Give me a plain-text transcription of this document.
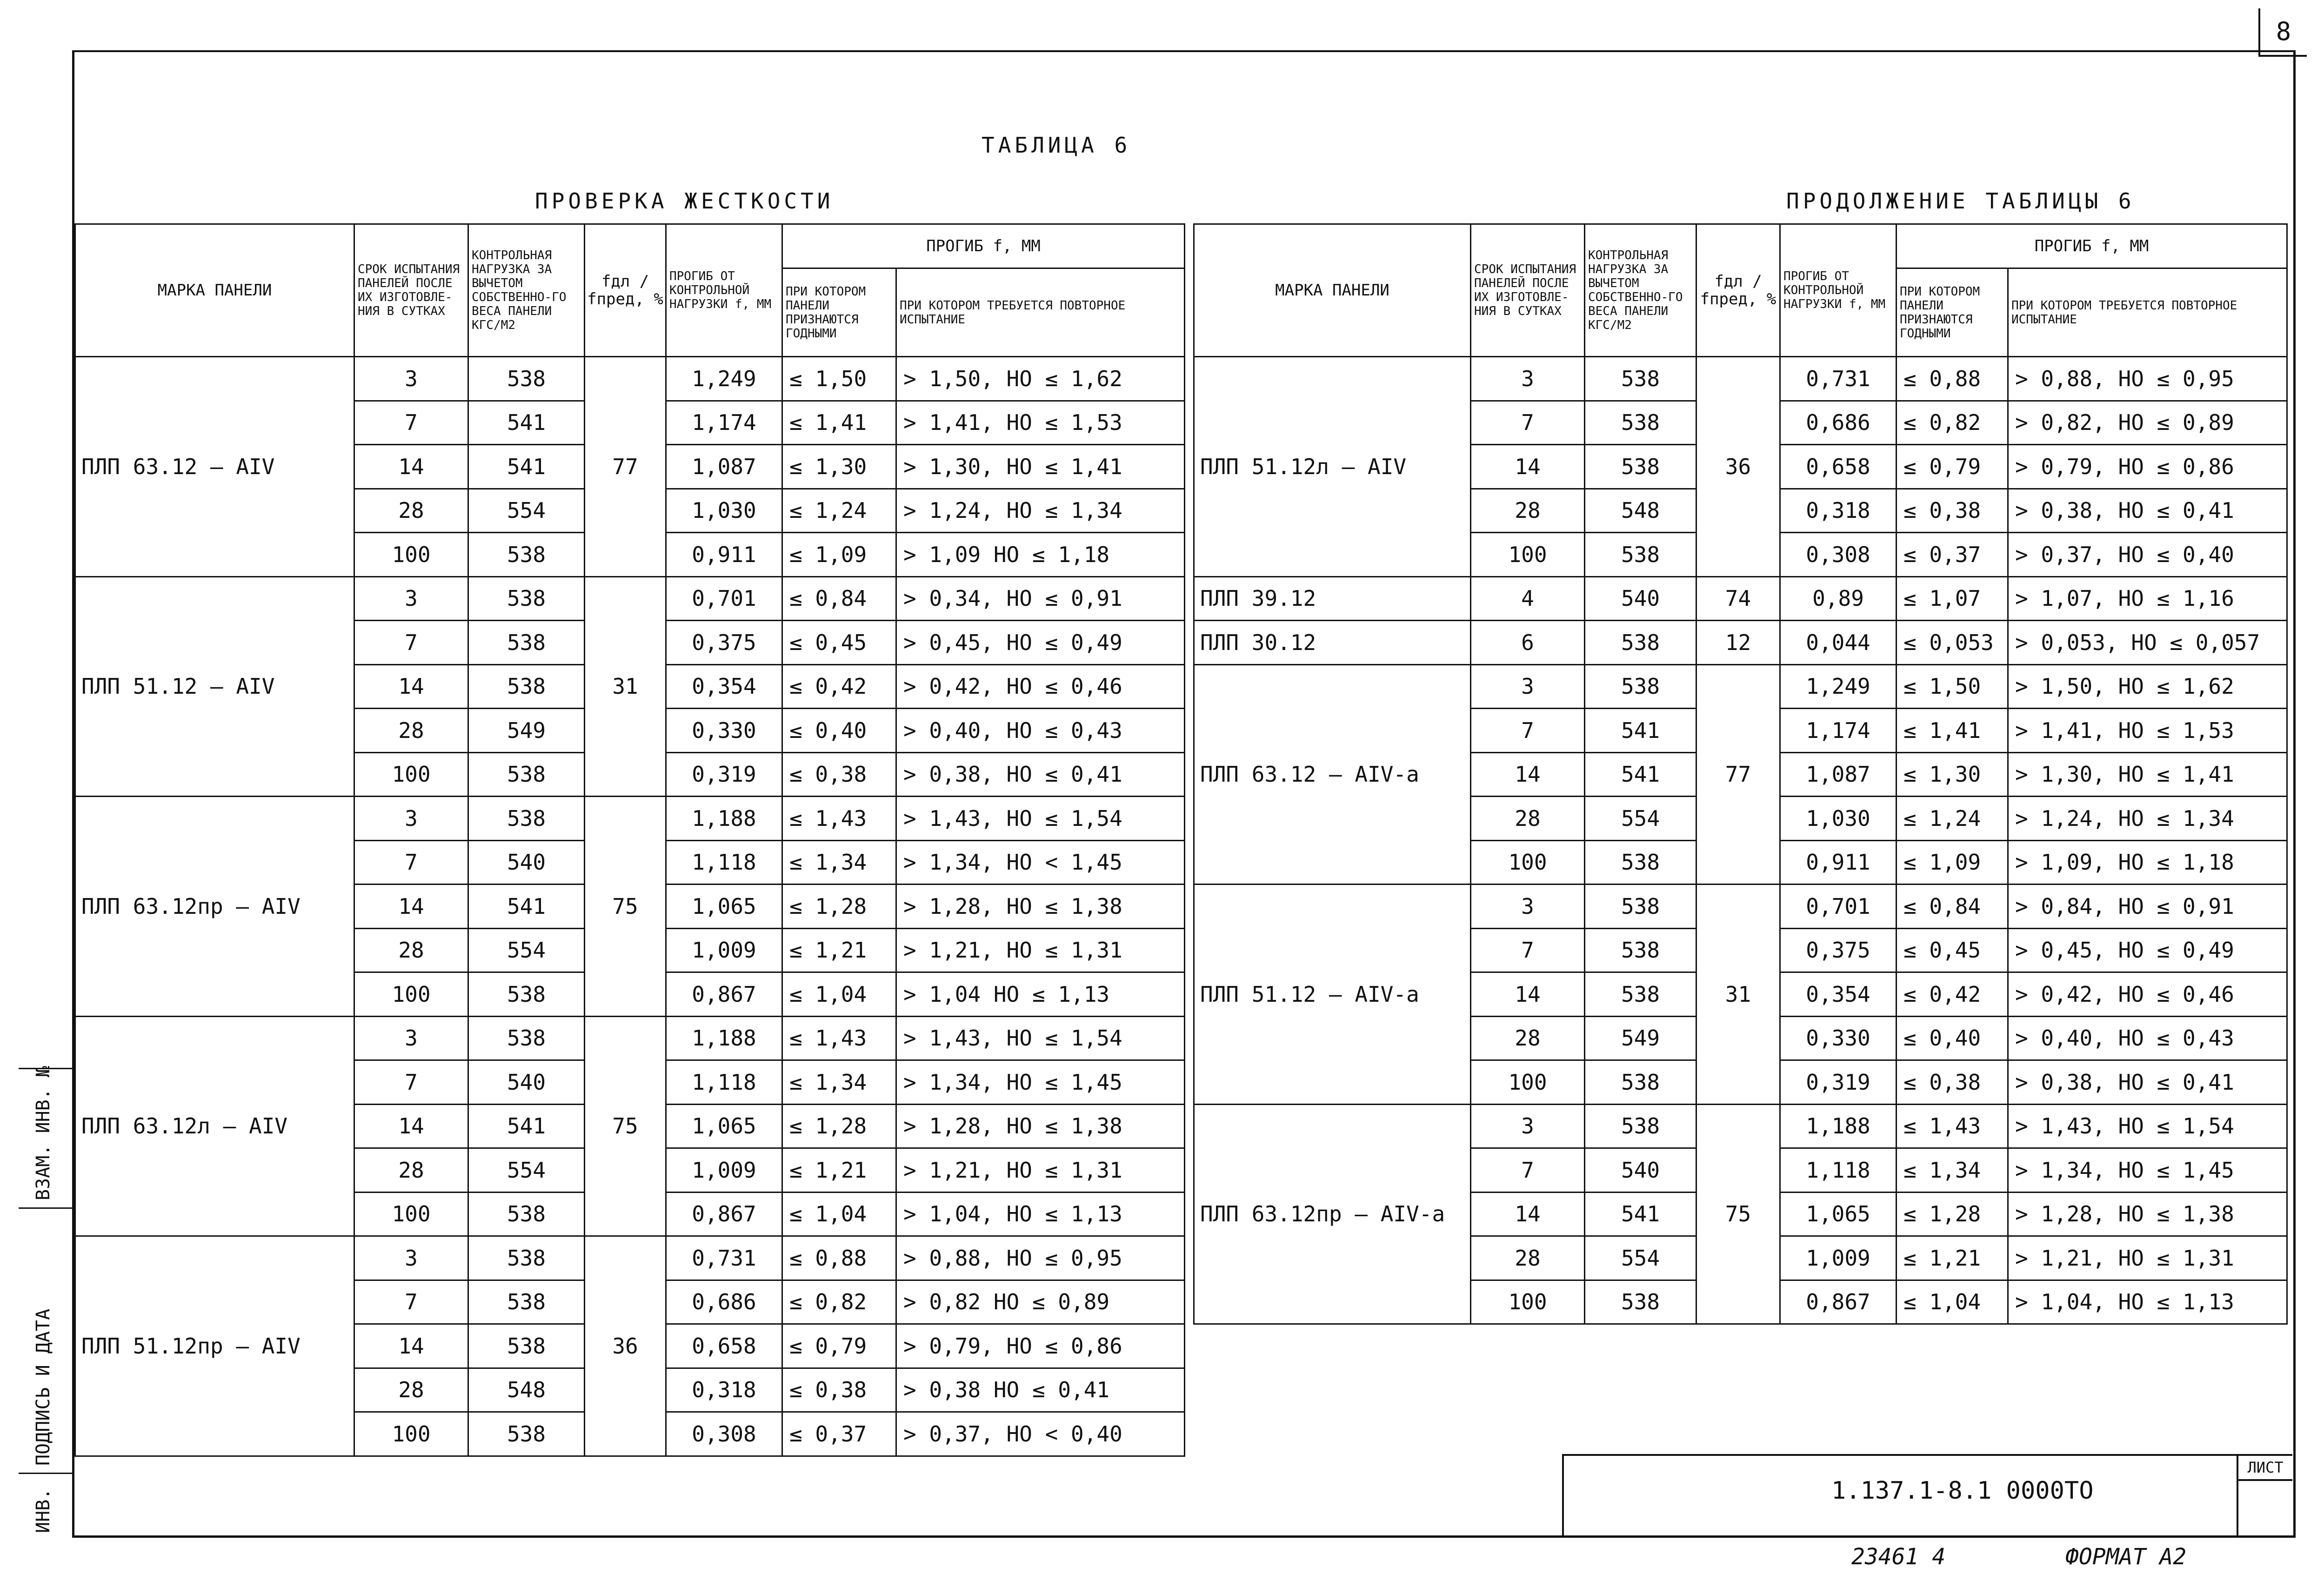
8
ТАБЛИЦА 6
ПРОВЕРКА ЖЕСТКОСТИ	ПРОДОЛЖЕНИЕ ТАБЛИЦЫ 6
МАРКА ПАНЕЛИ	СРОК ИСПЫТАНИЯ ПАНЕЛЕЙ ПОСЛЕ ИХ ИЗГОТОВЛЕ-НИЯ В СУТКАХ	КОНТРОЛЬНАЯ НАГРУЗКА ЗА ВЫЧЕТОМ СОБСТВЕННО-ГО ВЕСА ПАНЕЛИ КГС/М2	fдл / fпред, %	ПРОГИБ ОТ КОНТРОЛЬНОЙ НАГРУЗКИ f, ММ	ПРОГИБ f, ММ	
					ПРИ КОТОРОМ ПАНЕЛИ ПРИЗНАЮТСЯ ГОДНЫМИ	ПРИ КОТОРОМ ТРЕБУЕТСЯ ПОВТОРНОЕ ИСПЫТАНИЕ
ПЛП 63.12 — АIV	3	538	77	1,249	≤ 1,50	> 1,50, НО ≤ 1,62
	7	541		1,174	≤ 1,41	> 1,41, НО ≤ 1,53
	14	541		1,087	≤ 1,30	> 1,30, НО ≤ 1,41
	28	554		1,030	≤ 1,24	> 1,24, НО ≤ 1,34
	100	538		0,911	≤ 1,09	> 1,09 НО ≤ 1,18
ПЛП 51.12 — АIV	3	538	31	0,701	≤ 0,84	> 0,34, НО ≤ 0,91
	7	538		0,375	≤ 0,45	> 0,45, НО ≤ 0,49
	14	538		0,354	≤ 0,42	> 0,42, НО ≤ 0,46
	28	549		0,330	≤ 0,40	> 0,40, НО ≤ 0,43
	100	538		0,319	≤ 0,38	> 0,38, НО ≤ 0,41
ПЛП 63.12пр — АIV	3	538	75	1,188	≤ 1,43	> 1,43, НО ≤ 1,54
	7	540		1,118	≤ 1,34	> 1,34, НО < 1,45
	14	541		1,065	≤ 1,28	> 1,28, НО ≤ 1,38
	28	554		1,009	≤ 1,21	> 1,21, НО ≤ 1,31
	100	538		0,867	≤ 1,04	> 1,04 НО ≤ 1,13
ПЛП 63.12л — АIV	3	538	75	1,188	≤ 1,43	> 1,43, НО ≤ 1,54
	7	540		1,118	≤ 1,34	> 1,34, НО ≤ 1,45
	14	541		1,065	≤ 1,28	> 1,28, НО ≤ 1,38
	28	554		1,009	≤ 1,21	> 1,21, НО ≤ 1,31
	100	538		0,867	≤ 1,04	> 1,04, НО ≤ 1,13
ПЛП 51.12пр — АIV	3	538	36	0,731	≤ 0,88	> 0,88, НО ≤ 0,95
	7	538		0,686	≤ 0,82	> 0,82 НО ≤ 0,89
	14	538		0,658	≤ 0,79	> 0,79, НО ≤ 0,86
	28	548		0,318	≤ 0,38	> 0,38 НО ≤ 0,41
	100	538		0,308	≤ 0,37	> 0,37, НО < 0,40
МАРКА ПАНЕЛИ	СРОК ИСПЫТАНИЯ ПАНЕЛЕЙ ПОСЛЕ ИХ ИЗГОТОВЛЕ-НИЯ В СУТКАХ	КОНТРОЛЬНАЯ НАГРУЗКА ЗА ВЫЧЕТОМ СОБСТВЕННО-ГО ВЕСА ПАНЕЛИ КГС/М2	fдл / fпред, %	ПРОГИБ ОТ КОНТРОЛЬНОЙ НАГРУЗКИ f, ММ	ПРОГИБ f, ММ	
					ПРИ КОТОРОМ ПАНЕЛИ ПРИЗНАЮТСЯ ГОДНЫМИ	ПРИ КОТОРОМ ТРЕБУЕТСЯ ПОВТОРНОЕ ИСПЫТАНИЕ
ПЛП 51.12л — АIV	3	538	36	0,731	≤ 0,88	> 0,88, НО ≤ 0,95
	7	538		0,686	≤ 0,82	> 0,82, НО ≤ 0,89
	14	538		0,658	≤ 0,79	> 0,79, НО ≤ 0,86
	28	548		0,318	≤ 0,38	> 0,38, НО ≤ 0,41
	100	538		0,308	≤ 0,37	> 0,37, НО ≤ 0,40
ПЛП 39.12	4	540	74	0,89	≤ 1,07	> 1,07, НО ≤ 1,16
ПЛП 30.12	6	538	12	0,044	≤ 0,053	> 0,053, НО ≤ 0,057
ПЛП 63.12 — АIV-а	3	538	77	1,249	≤ 1,50	> 1,50, НО ≤ 1,62
	7	541		1,174	≤ 1,41	> 1,41, НО ≤ 1,53
	14	541		1,087	≤ 1,30	> 1,30, НО ≤ 1,41
	28	554		1,030	≤ 1,24	> 1,24, НО ≤ 1,34
	100	538		0,911	≤ 1,09	> 1,09, НО ≤ 1,18
ПЛП 51.12 — АIV-а	3	538	31	0,701	≤ 0,84	> 0,84, НО ≤ 0,91
	7	538		0,375	≤ 0,45	> 0,45, НО ≤ 0,49
	14	538		0,354	≤ 0,42	> 0,42, НО ≤ 0,46
	28	549		0,330	≤ 0,40	> 0,40, НО ≤ 0,43
	100	538		0,319	≤ 0,38	> 0,38, НО ≤ 0,41
ПЛП 63.12пр — АIV-а	3	538	75	1,188	≤ 1,43	> 1,43, НО ≤ 1,54
	7	540		1,118	≤ 1,34	> 1,34, НО ≤ 1,45
	14	541		1,065	≤ 1,28	> 1,28, НО ≤ 1,38
	28	554		1,009	≤ 1,21	> 1,21, НО ≤ 1,31
	100	538		0,867	≤ 1,04	> 1,04, НО ≤ 1,13
1.137.1-8.1 0000ТО
ЛИСТ
23461 4	ФОРМАТ А2
ВЗАМ. ИНВ. №
ПОДПИСЬ И ДАТА
ИНВ.
